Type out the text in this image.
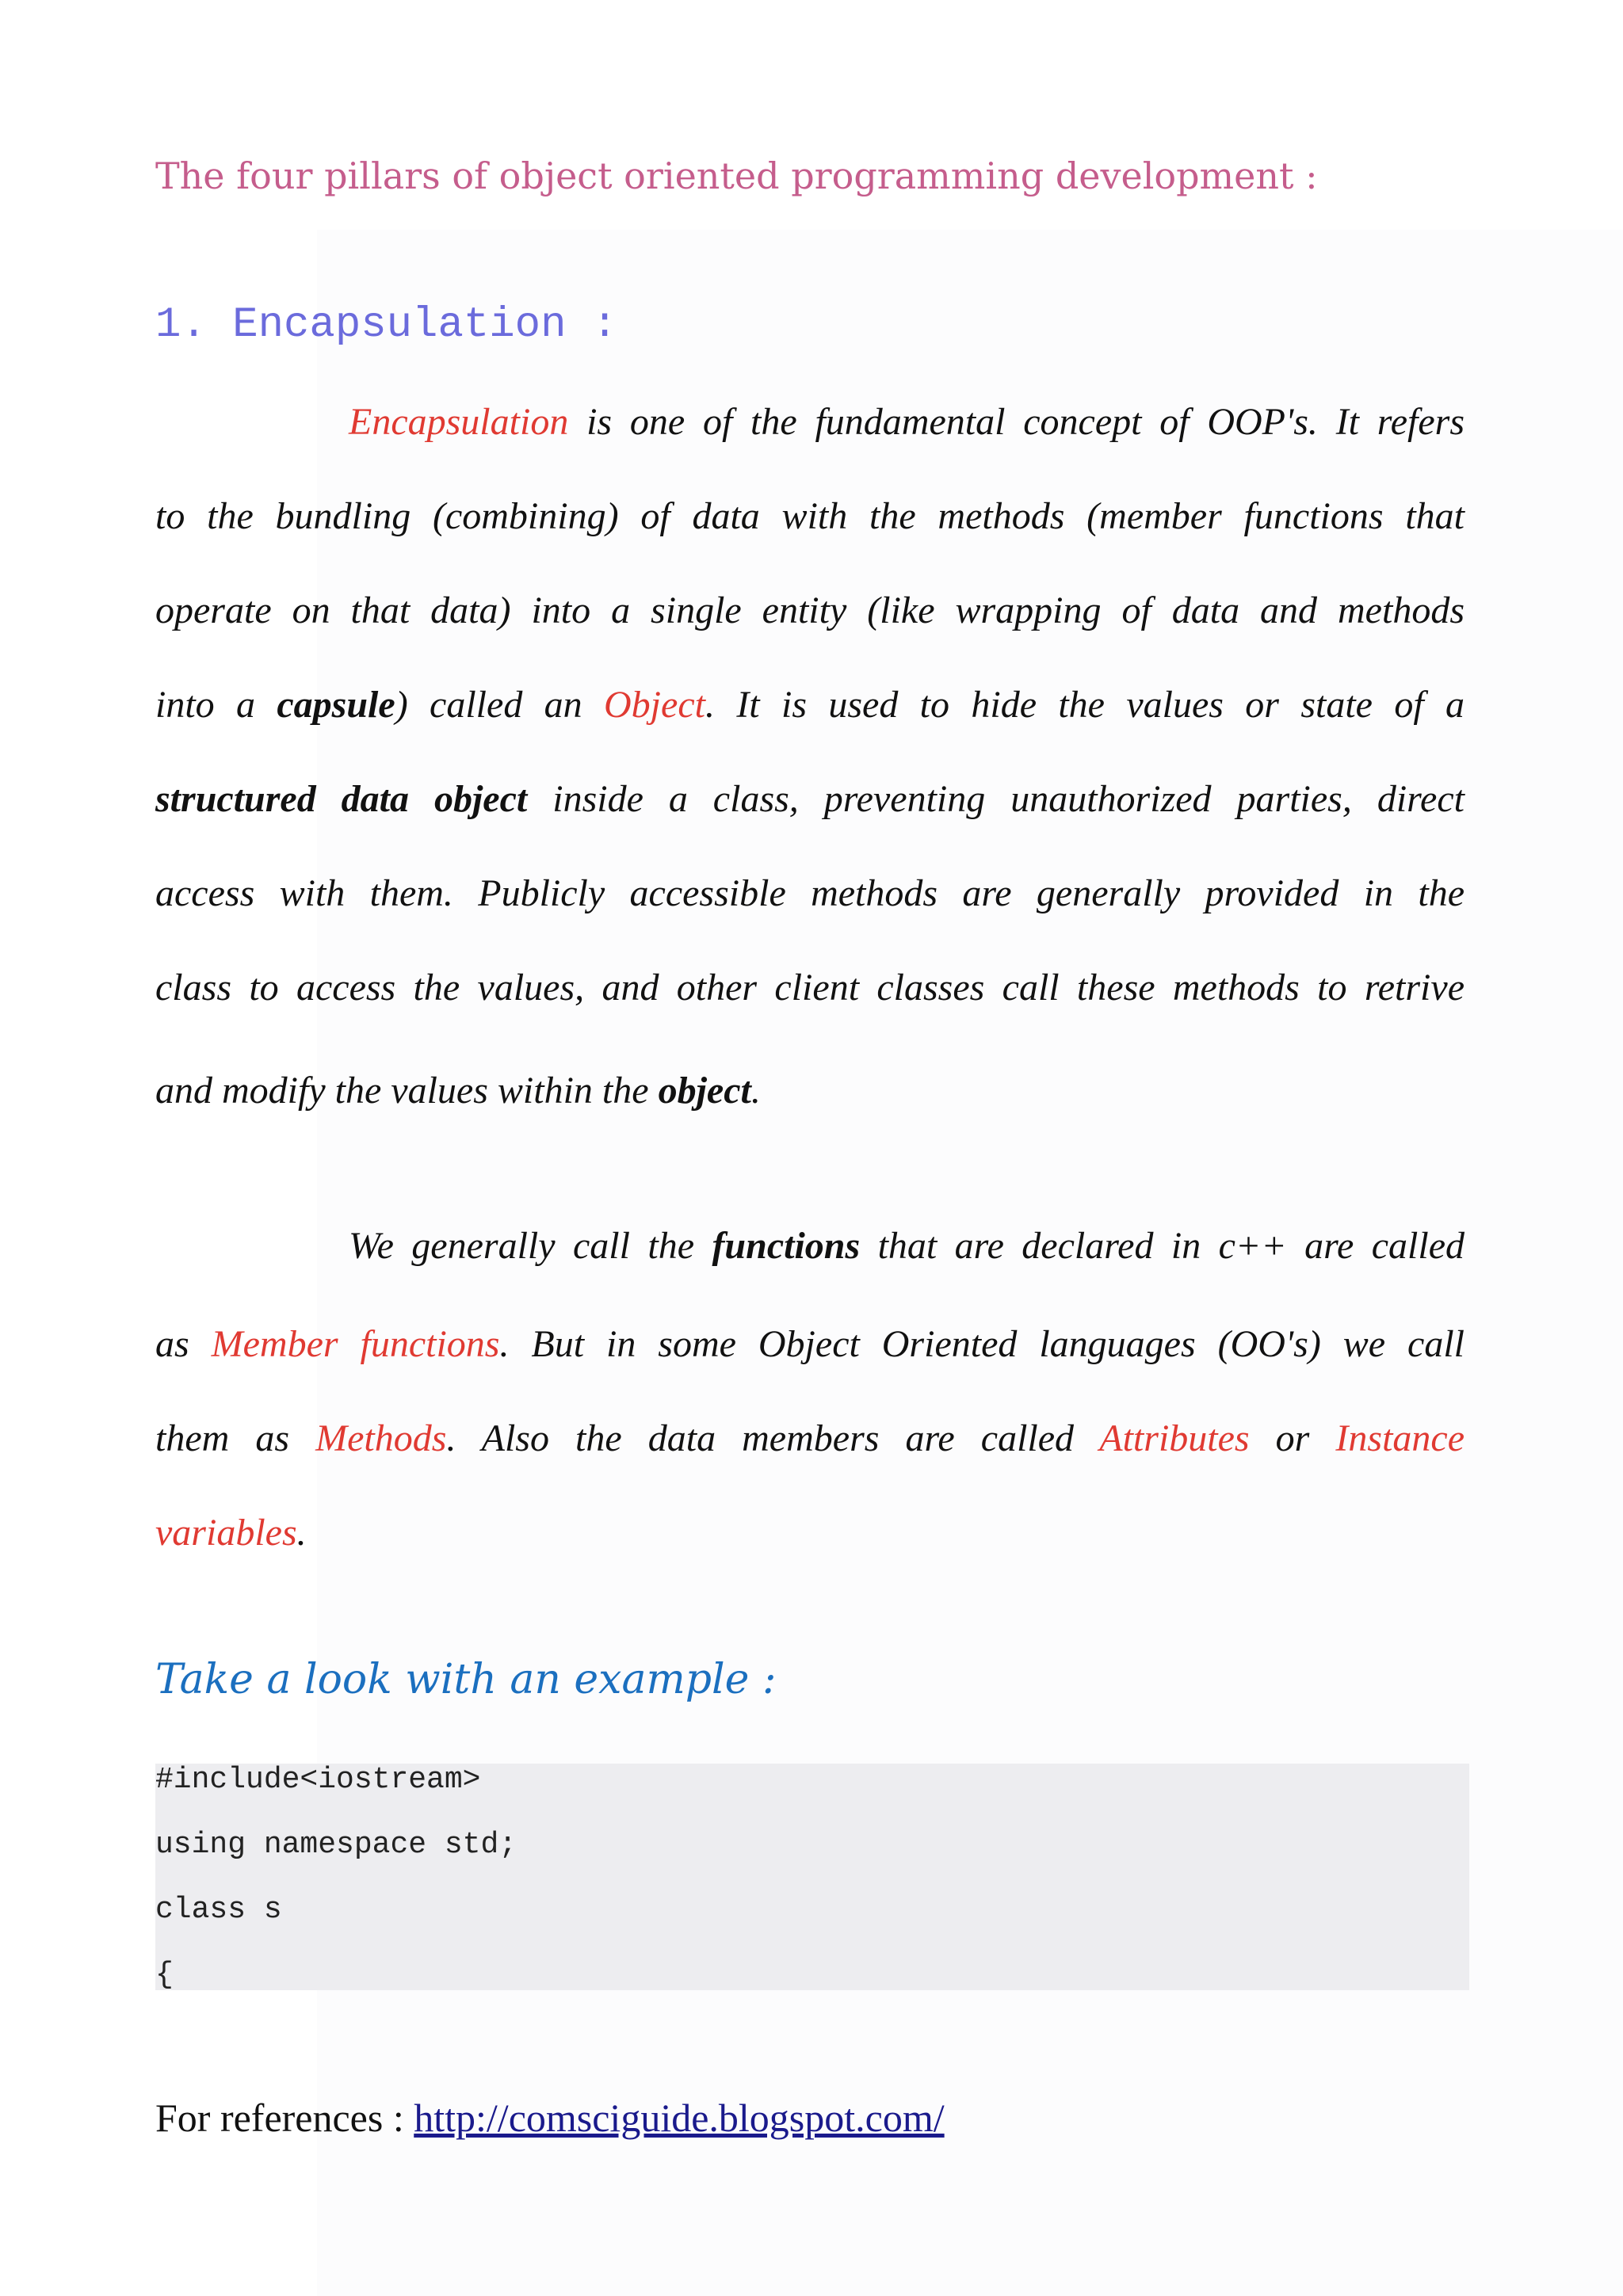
The four pillars of object oriented programming development :
1. Encapsulation :
Encapsulation is one of the fundamental concept of OOP's. It refers
to the bundling (combining) of data with the methods (member functions that
operate on that data) into a single entity (like wrapping of data and methods
into a capsule) called an Object. It is used to hide the values or state of a
structured data object inside a class, preventing unauthorized parties, direct
access with them. Publicly accessible methods are generally provided in the
class to access the values, and other client classes call these methods to retrive
and modify the values within the object.
We generally call the functions that are declared in c++ are called
as Member functions. But in some Object Oriented languages (OO's) we call
them as Methods. Also the data members are called Attributes or Instance
variables.
Take a look with an example :
#include<iostream>
using namespace std;
class s
{
For references : http://comsciguide.blogspot.com/
